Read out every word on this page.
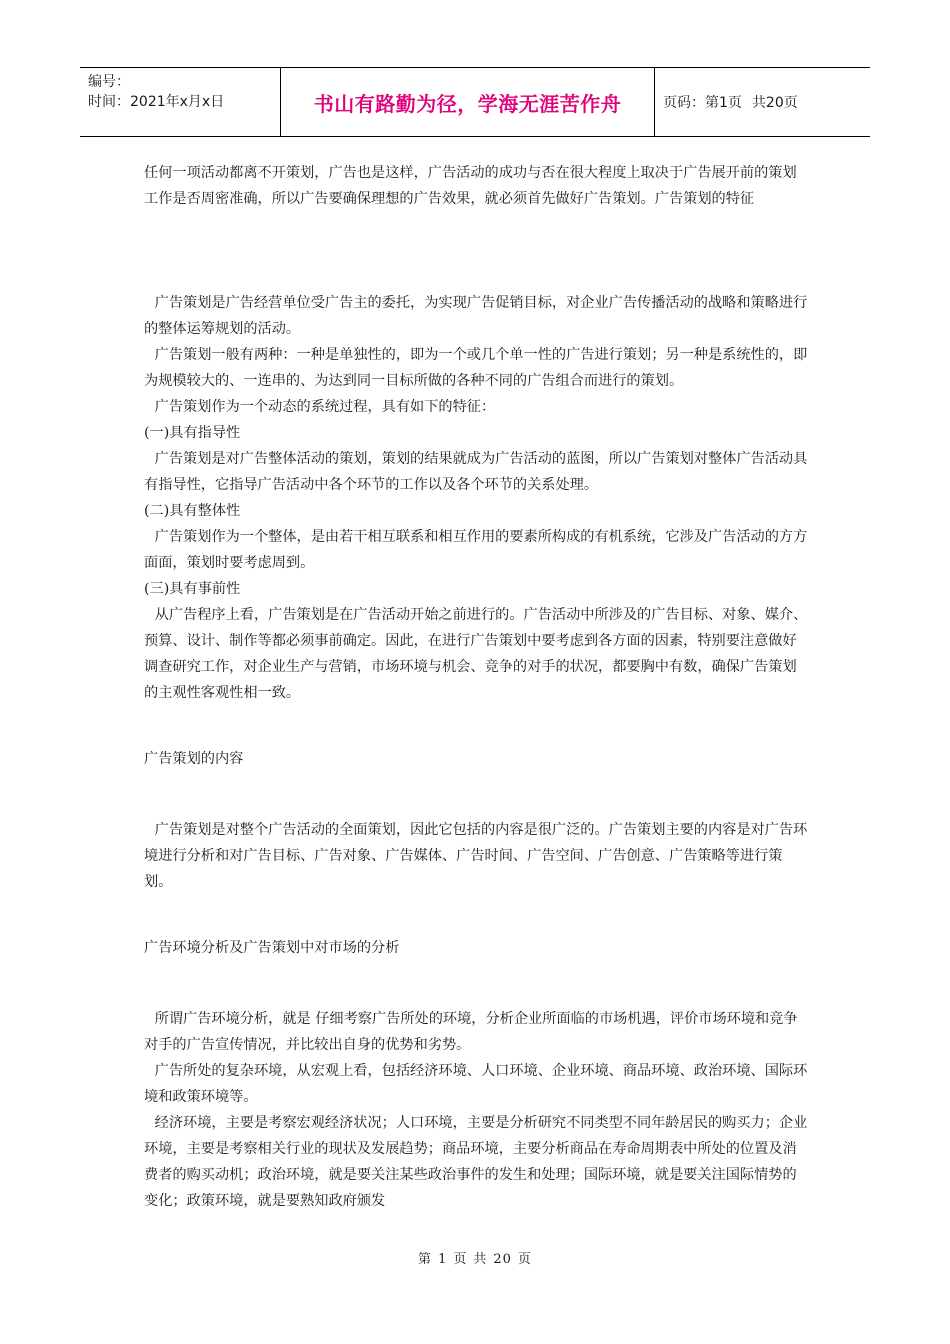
编号：
时间：2021年x月x日	书山有路勤为径，学海无涯苦作舟	页码：第1页 共20页

任何一项活动都离不开策划，广告也是这样，广告活动的成功与否在很大程度上取决于广告展开前的策划工作是否周密准确，所以广告要确保理想的广告效果，就必须首先做好广告策划。广告策划的特征

广告策划是广告经营单位受广告主的委托，为实现广告促销目标，对企业广告传播活动的战略和策略进行的整体运筹规划的活动。

广告策划一般有两种：一种是单独性的，即为一个或几个单一性的广告进行策划；另一种是系统性的，即为规模较大的、一连串的、为达到同一目标所做的各种不同的广告组合而进行的策划。

广告策划作为一个动态的系统过程，具有如下的特征：

(一)具有指导性

广告策划是对广告整体活动的策划，策划的结果就成为广告活动的蓝图，所以广告策划对整体广告活动具有指导性，它指导广告活动中各个环节的工作以及各个环节的关系处理。

(二)具有整体性

广告策划作为一个整体，是由若干相互联系和相互作用的要素所构成的有机系统，它涉及广告活动的方方面面，策划时要考虑周到。

(三)具有事前性

从广告程序上看，广告策划是在广告活动开始之前进行的。广告活动中所涉及的广告目标、对象、媒介、预算、设计、制作等都必须事前确定。因此，在进行广告策划中要考虑到各方面的因素，特别要注意做好调查研究工作，对企业生产与营销，市场环境与机会、竞争的对手的状况，都要胸中有数，确保广告策划的主观性客观性相一致。

广告策划的内容

广告策划是对整个广告活动的全面策划，因此它包括的内容是很广泛的。广告策划主要的内容是对广告环境进行分析和对广告目标、广告对象、广告媒体、广告时间、广告空间、广告创意、广告策略等进行策划。

广告环境分析及广告策划中对市场的分析

所谓广告环境分析，就是 仔细考察广告所处的环境，分析企业所面临的市场机遇，评价市场环境和竞争对手的广告宣传情况，并比较出自身的优势和劣势。

广告所处的复杂环境，从宏观上看，包括经济环境、人口环境、企业环境、商品环境、政治环境、国际环境和政策环境等。

经济环境，主要是考察宏观经济状况；人口环境，主要是分析研究不同类型不同年龄居民的购买力；企业环境，主要是考察相关行业的现状及发展趋势；商品环境，主要分析商品在寿命周期表中所处的位置及消费者的购买动机；政治环境，就是要关注某些政治事件的发生和处理；国际环境，就是要关注国际情势的变化；政策环境，就是要熟知政府颁发

第 1 页 共 20 页
